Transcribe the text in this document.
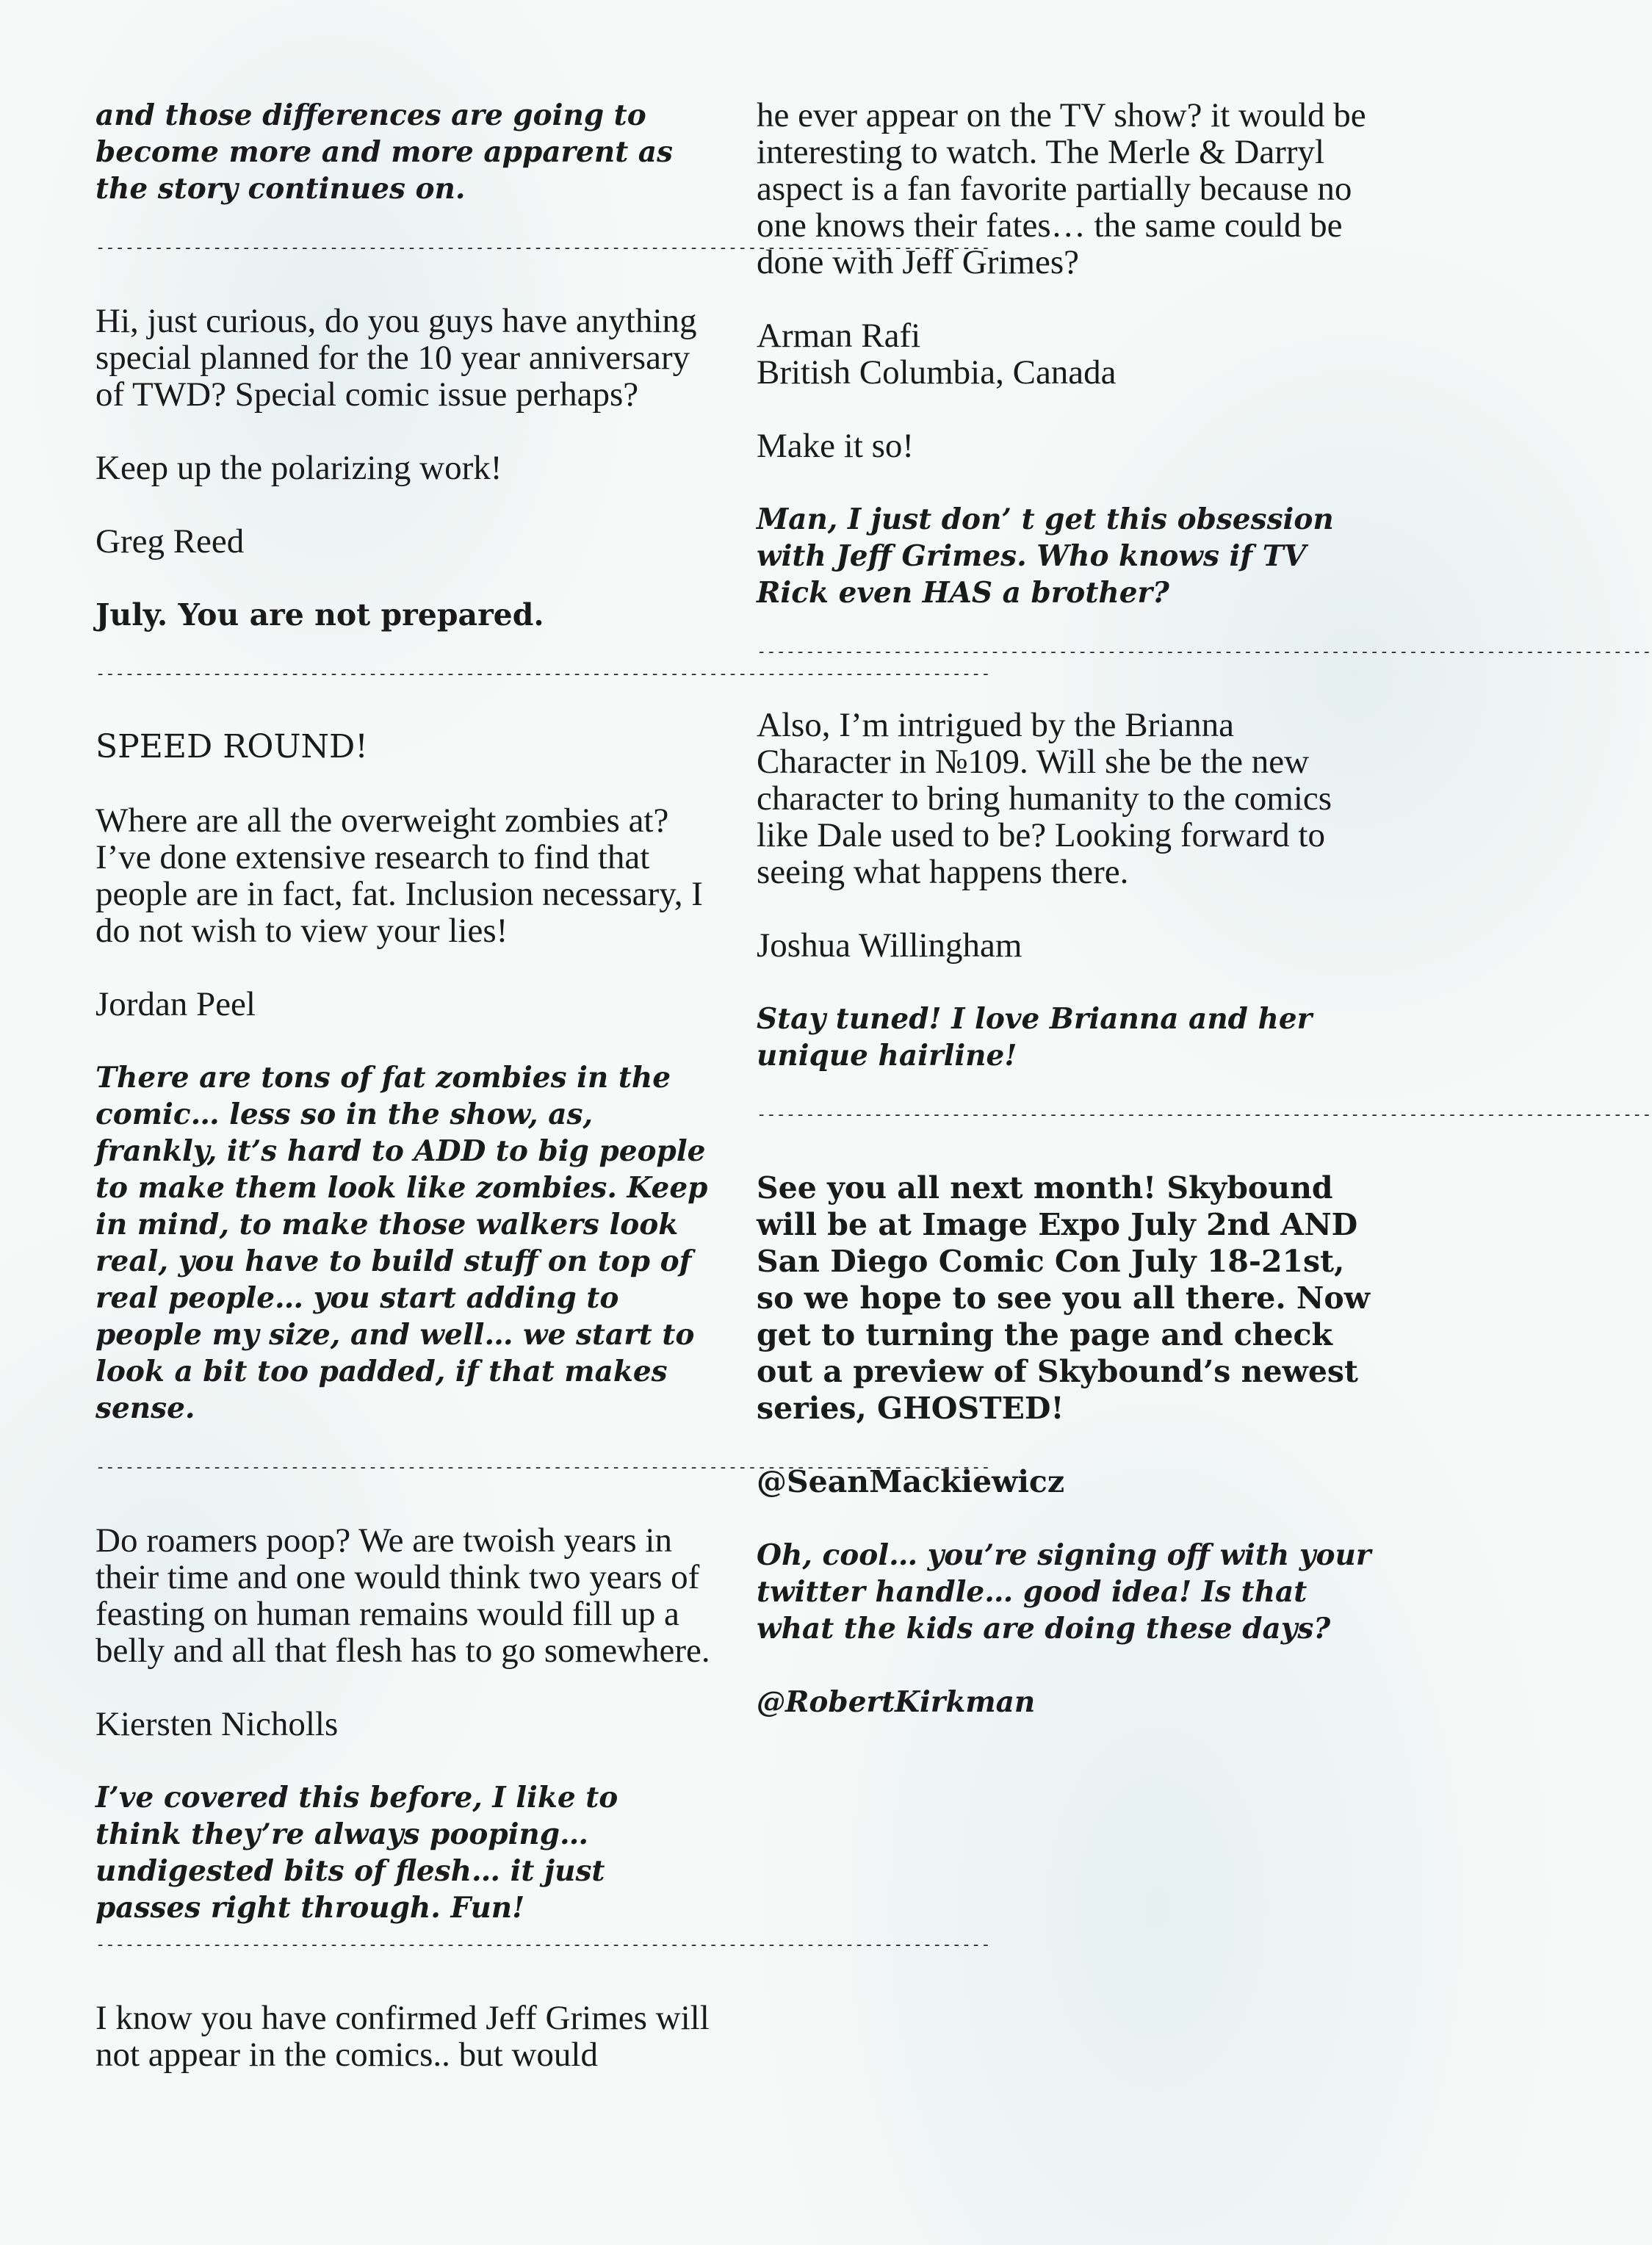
and those differences are going to become more and more apparent as the story continues on.

--------------------------------------------------------------------------------------------

Hi, just curious, do you guys have anything special planned for the 10 year anniversary of TWD? Special comic issue perhaps?

Keep up the polarizing work!

Greg Reed

July. You are not prepared.

--------------------------------------------------------------------------------------------

SPEED ROUND!

Where are all the overweight zombies at? I’ve done extensive research to find that people are in fact, fat. Inclusion necessary, I do not wish to view your lies!

Jordan Peel

There are tons of fat zombies in the comic… less so in the show, as, frankly, it’s hard to ADD to big people to make them look like zombies. Keep in mind, to make those walkers look real, you have to build stuff on top of real people… you start adding to people my size, and well… we start to look a bit too padded, if that makes sense.

--------------------------------------------------------------------------------------------

Do roamers poop? We are twoish years in their time and one would think two years of feasting on human remains would fill up a belly and all that flesh has to go somewhere.

Kiersten Nicholls

I’ve covered this before, I like to think they’re always pooping… undigested bits of flesh… it just passes right through. Fun!

--------------------------------------------------------------------------------------------

I know you have confirmed Jeff Grimes will not appear in the comics.. but would

he ever appear on the TV show? it would be interesting to watch. The Merle & Darryl aspect is a fan favorite partially because no one knows their fates… the same could be done with Jeff Grimes?

Arman Rafi

British Columbia, Canada

Make it so!

Man, I just don’ t get this obsession with Jeff Grimes. Who knows if TV Rick even HAS a brother?

--------------------------------------------------------------------------------------------

Also, I’m intrigued by the Brianna Character in №109. Will she be the new character to bring humanity to the comics like Dale used to be? Looking forward to seeing what happens there.

Joshua Willingham

Stay tuned! I love Brianna and her unique hairline!

--------------------------------------------------------------------------------------------

See you all next month! Skybound will be at Image Expo July 2nd AND San Diego Comic Con July 18-21st, so we hope to see you all there. Now get to turning the page and check out a preview of Skybound’s newest series, GHOSTED!

@SeanMackiewicz

Oh, cool… you’re signing off with your twitter handle… good idea! Is that what the kids are doing these days?

@RobertKirkman
